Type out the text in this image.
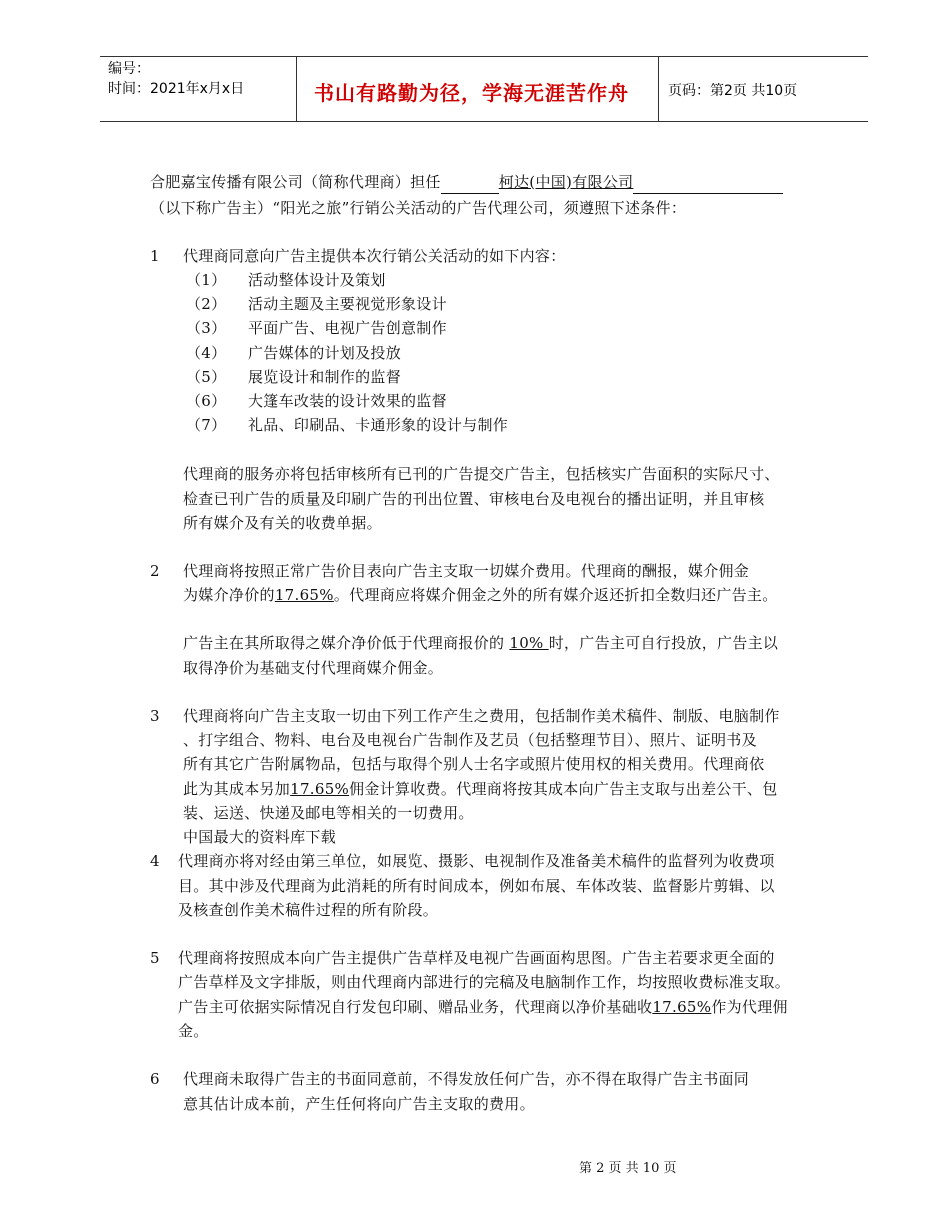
编号：
时间：2021年x月x日	书山有路勤为径，学海无涯苦作舟	页码：第2页 共10页
合肥嘉宝传播有限公司（简称代理商）担任	柯达(中国)有限公司
（以下称广告主）“阳光之旅”行销公关活动的广告代理公司，须遵照下述条件：
1 代理商同意向广告主提供本次行销公关活动的如下内容：
（1） 活动整体设计及策划
（2） 活动主题及主要视觉形象设计
（3） 平面广告、电视广告创意制作
（4） 广告媒体的计划及投放
（5） 展览设计和制作的监督
（6） 大篷车改装的设计效果的监督
（7） 礼品、印刷品、卡通形象的设计与制作
代理商的服务亦将包括审核所有已刊的广告提交广告主，包括核实广告面积的实际尺寸、
检查已刊广告的质量及印刷广告的刊出位置、审核电台及电视台的播出证明，并且审核
所有媒介及有关的收费单据。
2 代理商将按照正常广告价目表向广告主支取一切媒介费用。代理商的酬报，媒介佣金
为媒介净价的17.65%。代理商应将媒介佣金之外的所有媒介返还折扣全数归还广告主。
广告主在其所取得之媒介净价低于代理商报价的 10% 时，广告主可自行投放，广告主以
取得净价为基础支付代理商媒介佣金。
3 代理商将向广告主支取一切由下列工作产生之费用，包括制作美术稿件、制版、电脑制作
、打字组合、物料、电台及电视台广告制作及艺员（包括整理节目）、照片、证明书及
所有其它广告附属物品，包括与取得个别人士名字或照片使用权的相关费用。代理商依
此为其成本另加17.65%佣金计算收费。代理商将按其成本向广告主支取与出差公干、包
装、运送、快递及邮电等相关的一切费用。
中国最大的资料库下载
4 代理商亦将对经由第三单位，如展览、摄影、电视制作及准备美术稿件的监督列为收费项
目。其中涉及代理商为此消耗的所有时间成本，例如布展、车体改装、监督影片剪辑、以
及核查创作美术稿件过程的所有阶段。
5 代理商将按照成本向广告主提供广告草样及电视广告画面构思图。广告主若要求更全面的
广告草样及文字排版，则由代理商内部进行的完稿及电脑制作工作，均按照收费标准支取。
广告主可依据实际情况自行发包印刷、赠品业务，代理商以净价基础收17.65%作为代理佣
金。
6 代理商未取得广告主的书面同意前，不得发放任何广告，亦不得在取得广告主书面同
意其估计成本前，产生任何将向广告主支取的费用。
第 2 页 共 10 页
